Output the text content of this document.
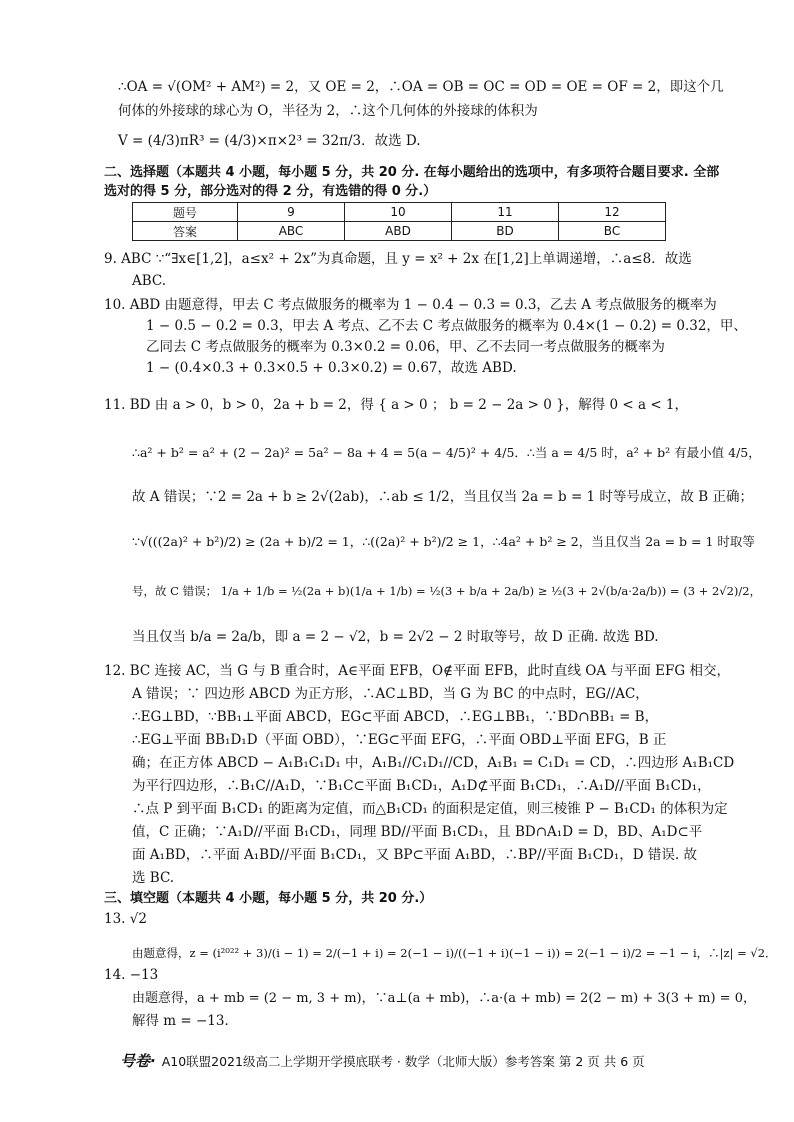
∴OA = √(OM² + AM²) = 2，又 OE = 2，∴OA = OB = OC = OD = OE = OF = 2，即这个几
何体的外接球的球心为 O，半径为 2，∴这个几何体的外接球的体积为
V = (4/3)πR³ = (4/3)×π×2³ = 32π/3．故选 D.
二、选择题（本题共 4 小题，每小题 5 分，共 20 分. 在每小题给出的选项中，有多项符合题目要求. 全部
选对的得 5 分，部分选对的得 2 分，有选错的得 0 分.）
题号	9	10	11	12
答案	ABC	ABD	BD	BC
9. ABC ∵“∃x∈[1,2]，a≤x² + 2x”为真命题，且 y = x² + 2x 在[1,2]上单调递增，∴a≤8．故选
ABC.
10. ABD 由题意得，甲去 C 考点做服务的概率为 1 − 0.4 − 0.3 = 0.3，乙去 A 考点做服务的概率为
1 − 0.5 − 0.2 = 0.3，甲去 A 考点、乙不去 C 考点做服务的概率为 0.4×(1 − 0.2) = 0.32，甲、
乙同去 C 考点做服务的概率为 0.3×0.2 = 0.06，甲、乙不去同一考点做服务的概率为
1 − (0.4×0.3 + 0.3×0.5 + 0.3×0.2) = 0.67，故选 ABD.
11. BD 由 a > 0，b > 0，2a + b = 2，得 { a > 0 ； b = 2 − 2a > 0 }，解得 0 < a < 1，
∴a² + b² = a² + (2 − 2a)² = 5a² − 8a + 4 = 5(a − 4/5)² + 4/5．∴当 a = 4/5 时，a² + b² 有最小值 4/5，
故 A 错误；∵2 = 2a + b ≥ 2√(2ab)，∴ab ≤ 1/2，当且仅当 2a = b = 1 时等号成立，故 B 正确；
∵√(((2a)² + b²)/2) ≥ (2a + b)/2 = 1，∴((2a)² + b²)/2 ≥ 1，∴4a² + b² ≥ 2，当且仅当 2a = b = 1 时取等
号，故 C 错误； 1/a + 1/b = ½(2a + b)(1/a + 1/b) = ½(3 + b/a + 2a/b) ≥ ½(3 + 2√(b/a·2a/b)) = (3 + 2√2)/2，
当且仅当 b/a = 2a/b，即 a = 2 − √2，b = 2√2 − 2 时取等号，故 D 正确. 故选 BD.
12. BC 连接 AC，当 G 与 B 重合时，A∈平面 EFB，O∉平面 EFB，此时直线 OA 与平面 EFG 相交，
A 错误；∵ 四边形 ABCD 为正方形，∴AC⊥BD，当 G 为 BC 的中点时，EG//AC，
∴EG⊥BD，∵BB₁⊥平面 ABCD，EG⊂平面 ABCD，∴EG⊥BB₁，∵BD∩BB₁ = B，
∴EG⊥平面 BB₁D₁D（平面 OBD），∵EG⊂平面 EFG，∴平面 OBD⊥平面 EFG，B 正
确；在正方体 ABCD − A₁B₁C₁D₁ 中，A₁B₁//C₁D₁//CD，A₁B₁ = C₁D₁ = CD，∴四边形 A₁B₁CD
为平行四边形，∴B₁C//A₁D，∵B₁C⊂平面 B₁CD₁，A₁D⊄平面 B₁CD₁，∴A₁D//平面 B₁CD₁，
∴点 P 到平面 B₁CD₁ 的距离为定值，而△B₁CD₁ 的面积是定值，则三棱锥 P − B₁CD₁ 的体积为定
值，C 正确；∵A₁D//平面 B₁CD₁，同理 BD//平面 B₁CD₁，且 BD∩A₁D = D，BD、A₁D⊂平
面 A₁BD，∴平面 A₁BD//平面 B₁CD₁，又 BP⊂平面 A₁BD，∴BP//平面 B₁CD₁，D 错误. 故
选 BC.
三、填空题（本题共 4 小题，每小题 5 分，共 20 分.）
13. √2
由题意得，z = (i²⁰²² + 3)/(i − 1) = 2/(−1 + i) = 2(−1 − i)/((−1 + i)(−1 − i)) = 2(−1 − i)/2 = −1 − i，∴|z| = √2．
14. −13
由题意得，a + mb = (2 − m, 3 + m)，∵a⊥(a + mb)，∴a·(a + mb) = 2(2 − m) + 3(3 + m) = 0，
解得 m = −13．
号卷· A10联盟2021级高二上学期开学摸底联考 · 数学（北师大版）参考答案 第 2 页 共 6 页
